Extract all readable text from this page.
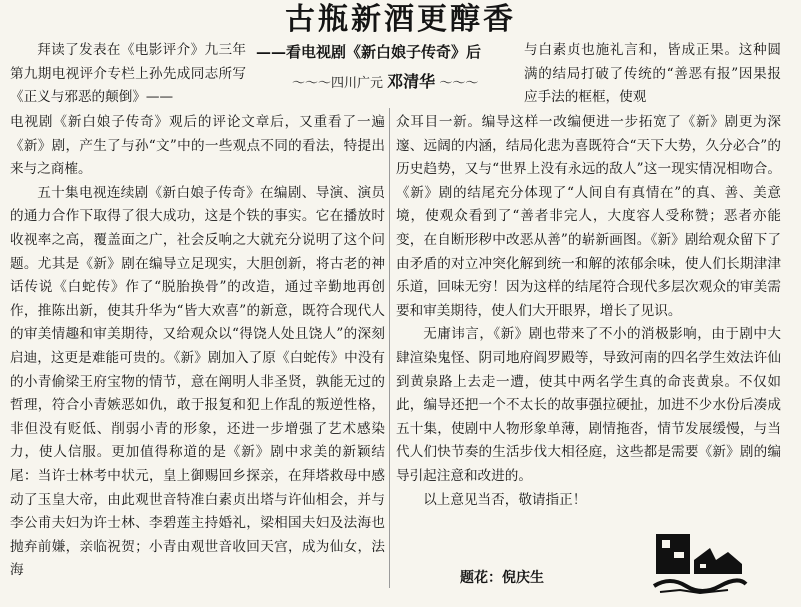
古瓶新酒更醇香
——看电视剧《新白娘子传奇》后
～～～四川广元 邓清华 ～～～

拜读了发表在《电影评介》九三年第九期电视评介专栏上孙先成同志所写《正义与邪恶的颠倒》——

电视剧《新白娘子传奇》观后的评论文章后，又重看了一遍《新》剧，产生了与孙“文”中的一些观点不同的看法，特提出来与之商榷。

五十集电视连续剧《新白娘子传奇》在编剧、导演、演员的通力合作下取得了很大成功，这是个铁的事实。它在播放时收视率之高，覆盖面之广，社会反响之大就充分说明了这个问题。尤其是《新》剧在编导立足现实，大胆创新，将古老的神话传说《白蛇传》作了“脱胎换骨”的改造，通过辛勤地再创作，推陈出新，使其升华为“皆大欢喜”的新意，既符合现代人的审美情趣和审美期待，又给观众以“得饶人处且饶人”的深刻启迪，这更是难能可贵的。《新》剧加入了原《白蛇传》中没有的小青偷梁王府宝物的情节，意在阐明人非圣贤，孰能无过的哲理，符合小青嫉恶如仇，敢于报复和犯上作乱的叛逆性格，非但没有贬低、削弱小青的形象，还进一步增强了艺术感染力，使人信服。更加值得称道的是《新》剧中求美的新颖结尾：当许士林考中状元，皇上御赐回乡探亲，在拜塔救母中感动了玉皇大帝，由此观世音特准白素贞出塔与许仙相会，并与李公甫夫妇为许士林、李碧莲主持婚礼，梁相国夫妇及法海也抛弃前嫌，亲临祝贺；小青由观世音收回天宫，成为仙女，法海

与白素贞也施礼言和，皆成正果。这种圆满的结局打破了传统的“善恶有报”因果报应手法的框框，使观

众耳目一新。编导这样一改编便进一步拓宽了《新》剧更为深邃、远阔的内涵，结局化悲为喜既符合“天下大势，久分必合”的历史趋势，又与“世界上没有永远的敌人”这一现实情况相吻合。《新》剧的结尾充分体现了“人间自有真情在”的真、善、美意境，使观众看到了“善者非完人，大度容人受称赞；恶者亦能变，在自断形秽中改恶从善”的崭新画图。《新》剧给观众留下了由矛盾的对立冲突化解到统一和解的浓郁余味，使人们长期津津乐道，回味无穷！因为这样的结尾符合现代多层次观众的审美需要和审美期待，使人们大开眼界，增长了见识。

无庸讳言，《新》剧也带来了不小的消极影响，由于剧中大肆渲染鬼怪、阴司地府阎罗殿等，导致河南的四名学生效法许仙到黄泉路上去走一遭，使其中两名学生真的命丧黄泉。不仅如此，编导还把一个不太长的故事强拉硬扯，加进不少水份后凑成五十集，使剧中人物形象单薄，剧情拖沓，情节发展缓慢，与当代人们快节奏的生活步伐大相径庭，这些都是需要《新》剧的编导引起注意和改进的。

以上意见当否，敬请指正！

题花：倪庆生
